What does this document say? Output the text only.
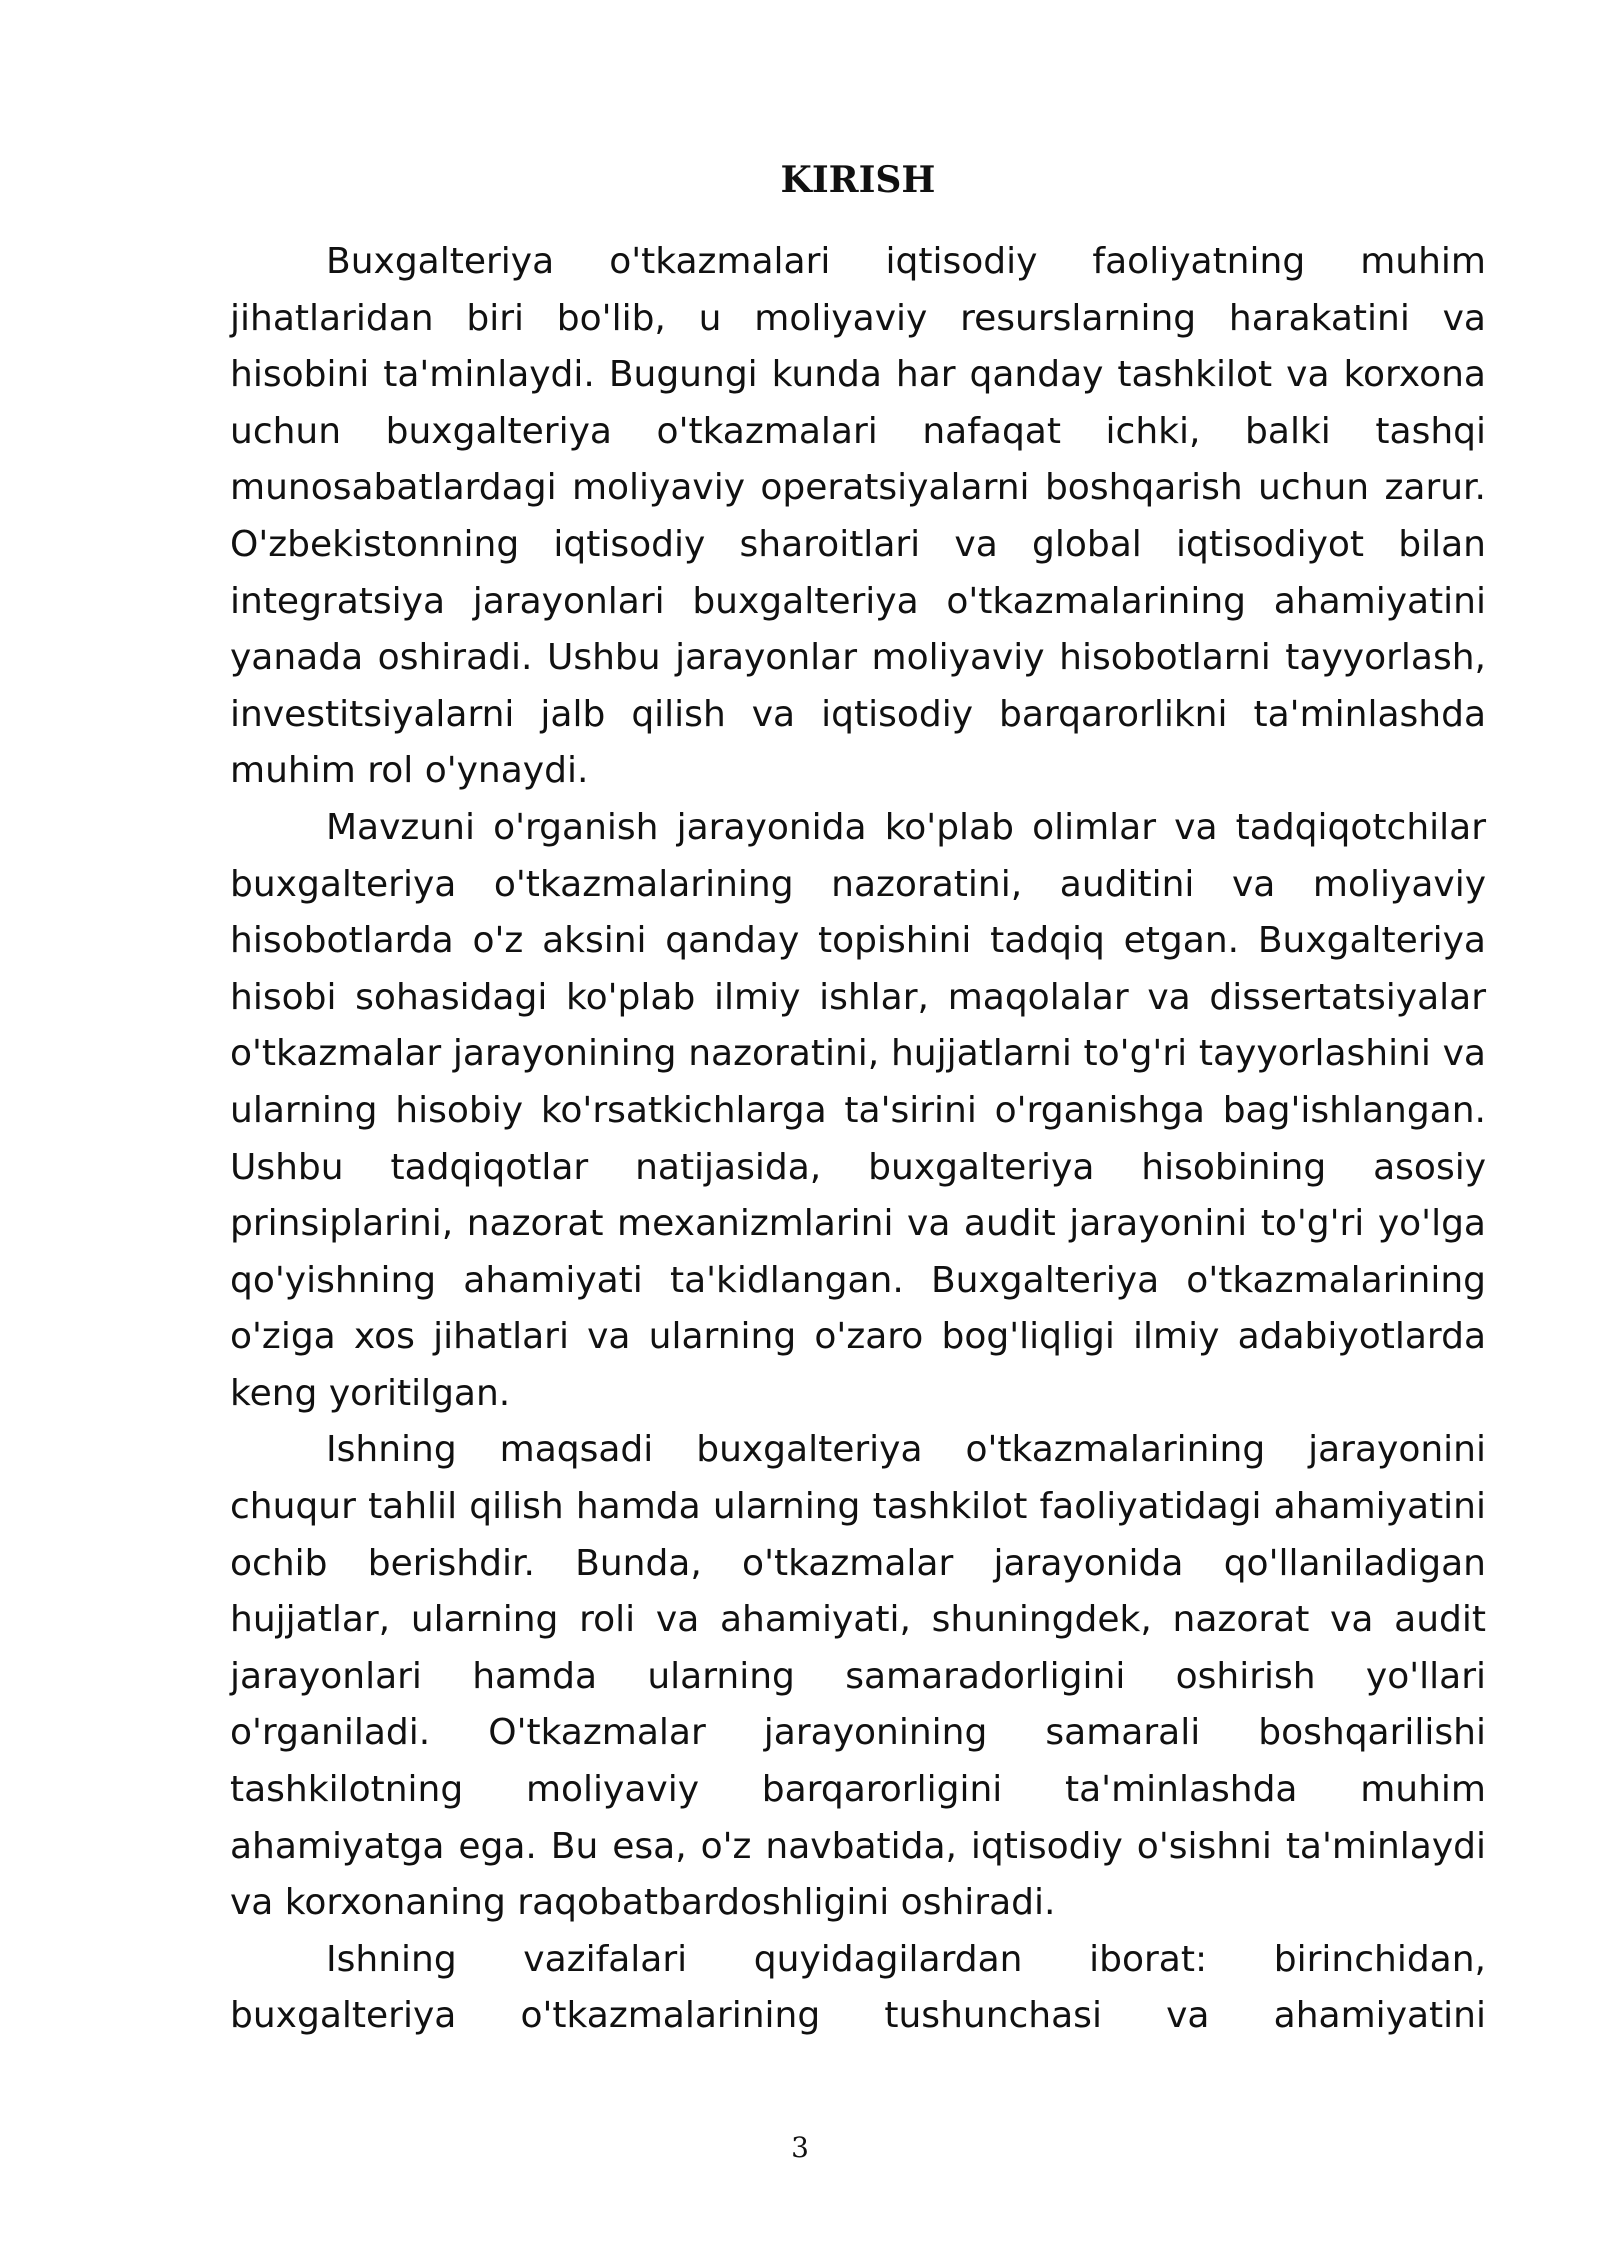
KIRISH

Buxgalteriya o'tkazmalari iqtisodiy faoliyatning muhim jihatlaridan biri bo'lib, u moliyaviy resurslarning harakatini va hisobini ta'minlaydi. Bugungi kunda har qanday tashkilot va korxona uchun buxgalteriya o'tkazmalari nafaqat ichki, balki tashqi munosabatlardagi moliyaviy operatsiyalarni boshqarish uchun zarur. O'zbekistonning iqtisodiy sharoitlari va global iqtisodiyot bilan integratsiya jarayonlari buxgalteriya o'tkazmalarining ahamiyatini yanada oshiradi. Ushbu jarayonlar moliyaviy hisobotlarni tayyorlash, investitsiyalarni jalb qilish va iqtisodiy barqarorlikni ta'minlashda muhim rol o'ynaydi.

Mavzuni o'rganish jarayonida ko'plab olimlar va tadqiqotchilar buxgalteriya o'tkazmalarining nazoratini, auditini va moliyaviy hisobotlarda o'z aksini qanday topishini tadqiq etgan. Buxgalteriya hisobi sohasidagi ko'plab ilmiy ishlar, maqolalar va dissertatsiyalar o'tkazmalar jarayonining nazoratini, hujjatlarni to'g'ri tayyorlashini va ularning hisobiy ko'rsatkichlarga ta'sirini o'rganishga bag'ishlangan. Ushbu tadqiqotlar natijasida, buxgalteriya hisobining asosiy prinsiplarini, nazorat mexanizmlarini va audit jarayonini to'g'ri yo'lga qo'yishning ahamiyati ta'kidlangan. Buxgalteriya o'tkazmalarining o'ziga xos jihatlari va ularning o'zaro bog'liqligi ilmiy adabiyotlarda keng yoritilgan.

Ishning maqsadi buxgalteriya o'tkazmalarining jarayonini chuqur tahlil qilish hamda ularning tashkilot faoliyatidagi ahamiyatini ochib berishdir. Bunda, o'tkazmalar jarayonida qo'llaniladigan hujjatlar, ularning roli va ahamiyati, shuningdek, nazorat va audit jarayonlari hamda ularning samaradorligini oshirish yo'llari o'rganiladi. O'tkazmalar jarayonining samarali boshqarilishi tashkilotning moliyaviy barqarorligini ta'minlashda muhim ahamiyatga ega. Bu esa, o'z navbatida, iqtisodiy o'sishni ta'minlaydi va korxonaning raqobatbardoshligini oshiradi.

Ishning vazifalari quyidagilardan iborat: birinchidan, buxgalteriya o'tkazmalarining tushunchasi va ahamiyatini

3
